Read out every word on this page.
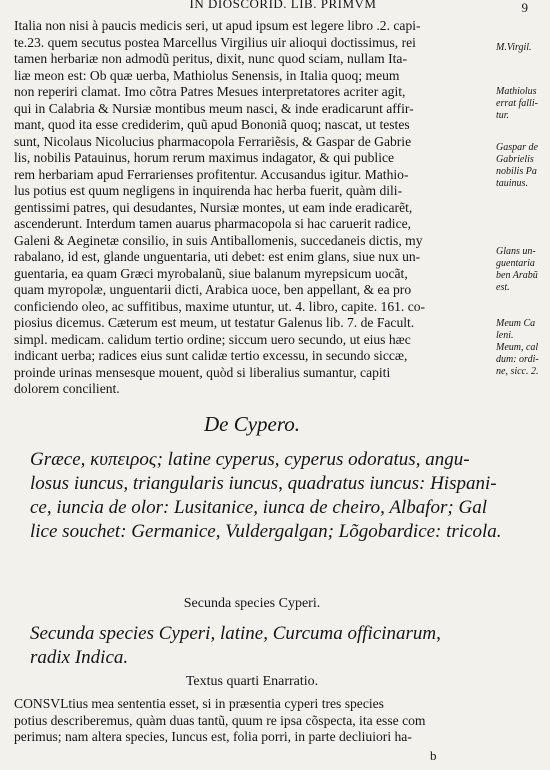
IN DIOSCORID. LIB. PRIMVM	9
Italia non nisi à paucis medicis seri, ut apud ipsum est legere libro .2. capi-
te.23. quem secutus postea Marcellus Virgilius uir alioqui doctissimus, rei
tamen herbariæ non admodũ peritus, dixit, nunc quod sciam, nullam Ita-
liæ meon est: Ob quæ uerba, Mathiolus Senensis, in Italia quoq; meum
non reperiri clamat. Imo cõtra Patres Mesues interpretatores acriter agit,
qui in Calabria & Nursiæ montibus meum nasci, & inde eradicarunt affir-
mant, quod ita esse crediderim, quũ apud Bononiã quoq; nascat, ut testes
sunt, Nicolaus Nicolucius pharmacopola Ferrariẽsis, & Gaspar de Gabrie
lis, nobilis Patauinus, horum rerum maximus indagator, & qui publice
rem herbariam apud Ferrarienses profitentur. Accusandus igitur. Mathio-
lus potius est quum negligens in inquirenda hac herba fuerit, quàm dili-
gentissimi patres, qui desudantes, Nursiæ montes, ut eam inde eradicarẽt,
ascenderunt. Interdum tamen auarus pharmacopola si hac caruerit radice,
Galeni & Aeginetæ consilio, in suis Antiballomenis, succedaneis dictis, my
rabalano, id est, glande unguentaria, uti debet: est enim glans, siue nux un-
guentaria, ea quam Græci myrobalanũ, siue balanum myrepsicum uocãt,
quam myropolæ, unguentarii dicti, Arabica uoce, ben appellant, & ea pro
conficiendo oleo, ac suffitibus, maxime utuntur, ut. 4. libro, capite. 161. co-
piosius dicemus. Cæterum est meum, ut testatur Galenus lib. 7. de Facult.
simpl. medicam. calidum tertio ordine; siccum uero secundo, ut eius hæc
indicant uerba; radices eius sunt calidæ tertio excessu, in secundo siccæ,
proinde urinas mensesque mouent, quòd si liberalius sumantur, capiti
dolorem concilient.
De Cypero.
Græce, κυπειρος; latine cyperus, cyperus odoratus, angu-
losus iuncus, triangularis iuncus, quadratus iuncus: Hispani-
ce, iuncia de olor: Lusitanice, iunca de cheiro, Albafor; Gal
lice souchet: Germanice, Vuldergalgan; Lõgobardice: tricola.
Secunda species Cyperi.
Secunda species Cyperi, latine, Curcuma officinarum,
radix Indica.
Textus quarti Enarratio.
CONSVLtius mea sententia esset, si in præsentia cyperi tres species
potius describeremus, quàm duas tantũ, quum re ipsa cõspecta, ita esse com
perimus; nam altera species, Iuncus est, folia porri, in parte decliuiori ha-
M.Virgil.
Mathiolus
errat falli-
tur.
Gaspar de
Gabrielis
nobilis Pa
tauinus.
Glans un-
guentaria
ben Arabũ
est.
Meum Ca
leni.
Meum, cal
dum: ordi-
ne, sicc. 2.
b
